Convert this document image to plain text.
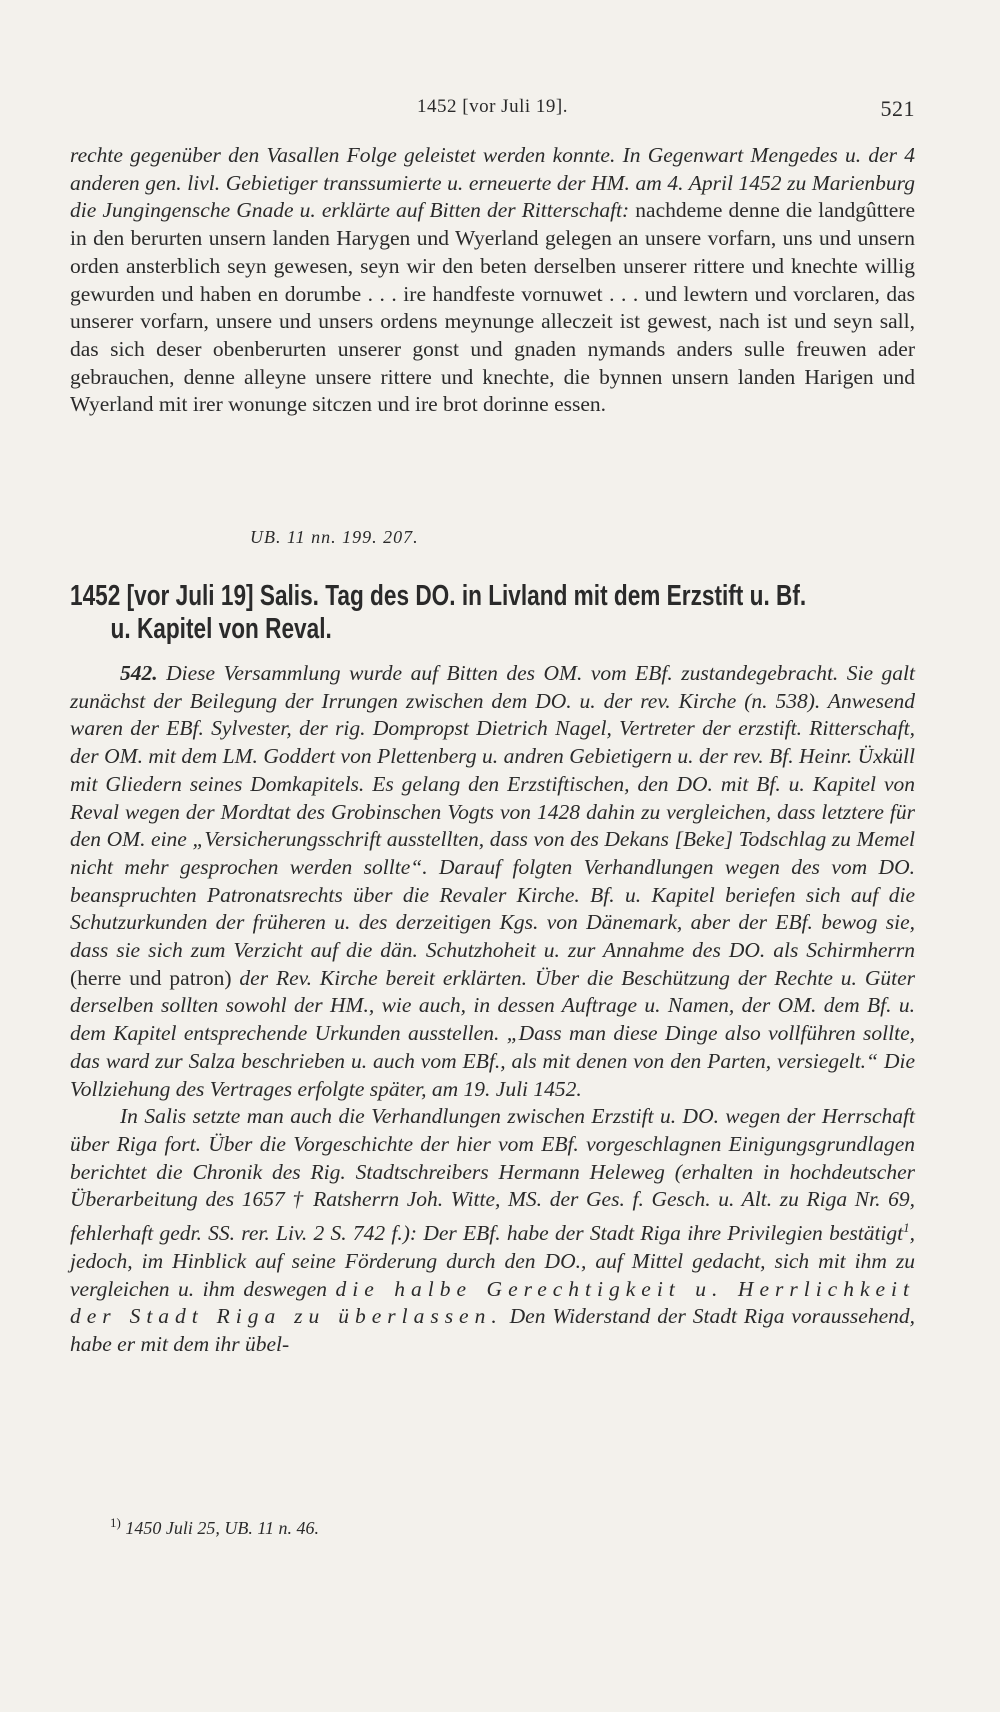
1452 [vor Juli 19].	521

rechte gegenüber den Vasallen Folge geleistet werden konnte. In Gegenwart Mengedes u. der 4 anderen gen. livl. Gebietiger transsumierte u. erneuerte der HM. am 4. April 1452 zu Marienburg die Jungingensche Gnade u. erklärte auf Bitten der Ritterschaft: nachdeme denne die landgûttere in den berurten unsern landen Harygen und Wyerland gelegen an unsere vorfarn, uns und unsern orden ansterblich seyn gewesen, seyn wir den beten derselben unserer rittere und knechte willig gewurden und haben en dorumbe . . . ire handfeste vornuwet . . . und lewtern und vorclaren, das unserer vorfarn, unsere und unsers ordens meynunge alleczeit ist gewest, nach ist und seyn sall, das sich deser obenberurten unserer gonst und gnaden nymands anders sulle freuwen ader gebrauchen, denne alleyne unsere rittere und knechte, die bynnen unsern landen Harigen und Wyerland mit irer wonunge sitczen und ire brot dorinne essen.

UB. 11 nn. 199. 207.
1452 [vor Juli 19] Salis. Tag des DO. in Livland mit dem Erzstift u. Bf.
u. Kapitel von Reval.

542. Diese Versammlung wurde auf Bitten des OM. vom EBf. zustandegebracht. Sie galt zunächst der Beilegung der Irrungen zwischen dem DO. u. der rev. Kirche (n. 538). Anwesend waren der EBf. Sylvester, der rig. Dompropst Dietrich Nagel, Vertreter der erzstift. Ritterschaft, der OM. mit dem LM. Goddert von Plettenberg u. andren Gebietigern u. der rev. Bf. Heinr. Üxküll mit Gliedern seines Domkapitels. Es gelang den Erzstiftischen, den DO. mit Bf. u. Kapitel von Reval wegen der Mordtat des Grobinschen Vogts von 1428 dahin zu vergleichen, dass letztere für den OM. eine „Versicherungsschrift ausstellten, dass von des Dekans [Beke] Todschlag zu Memel nicht mehr gesprochen werden sollte“. Darauf folgten Verhandlungen wegen des vom DO. beanspruchten Patronatsrechts über die Revaler Kirche. Bf. u. Kapitel beriefen sich auf die Schutzurkunden der früheren u. des derzeitigen Kgs. von Dänemark, aber der EBf. bewog sie, dass sie sich zum Verzicht auf die dän. Schutzhoheit u. zur Annahme des DO. als Schirmherrn (herre und patron) der Rev. Kirche bereit erklärten. Über die Beschützung der Rechte u. Güter derselben sollten sowohl der HM., wie auch, in dessen Auftrage u. Namen, der OM. dem Bf. u. dem Kapitel entsprechende Urkunden ausstellen. „Dass man diese Dinge also vollführen sollte, das ward zur Salza beschrieben u. auch vom EBf., als mit denen von den Parten, versiegelt.“ Die Vollziehung des Vertrages erfolgte später, am 19. Juli 1452.

In Salis setzte man auch die Verhandlungen zwischen Erzstift u. DO. wegen der Herrschaft über Riga fort. Über die Vorgeschichte der hier vom EBf. vorgeschlagnen Einigungsgrundlagen berichtet die Chronik des Rig. Stadtschreibers Hermann Heleweg (erhalten in hochdeutscher Überarbeitung des 1657 † Ratsherrn Joh. Witte, MS. der Ges. f. Gesch. u. Alt. zu Riga Nr. 69, fehlerhaft gedr. SS. rer. Liv. 2 S. 742 f.): Der EBf. habe der Stadt Riga ihre Privilegien bestätigt$^1$, jedoch, im Hinblick auf seine Förderung durch den DO., auf Mittel gedacht, sich mit ihm zu vergleichen u. ihm deswegen die halbe Gerechtigkeit u. Herrlichkeit der Stadt Riga zu überlassen. Den Widerstand der Stadt Riga voraussehend, habe er mit dem ihr übel-

$^{1)}$ 1450 Juli 25, UB. 11 n. 46.
